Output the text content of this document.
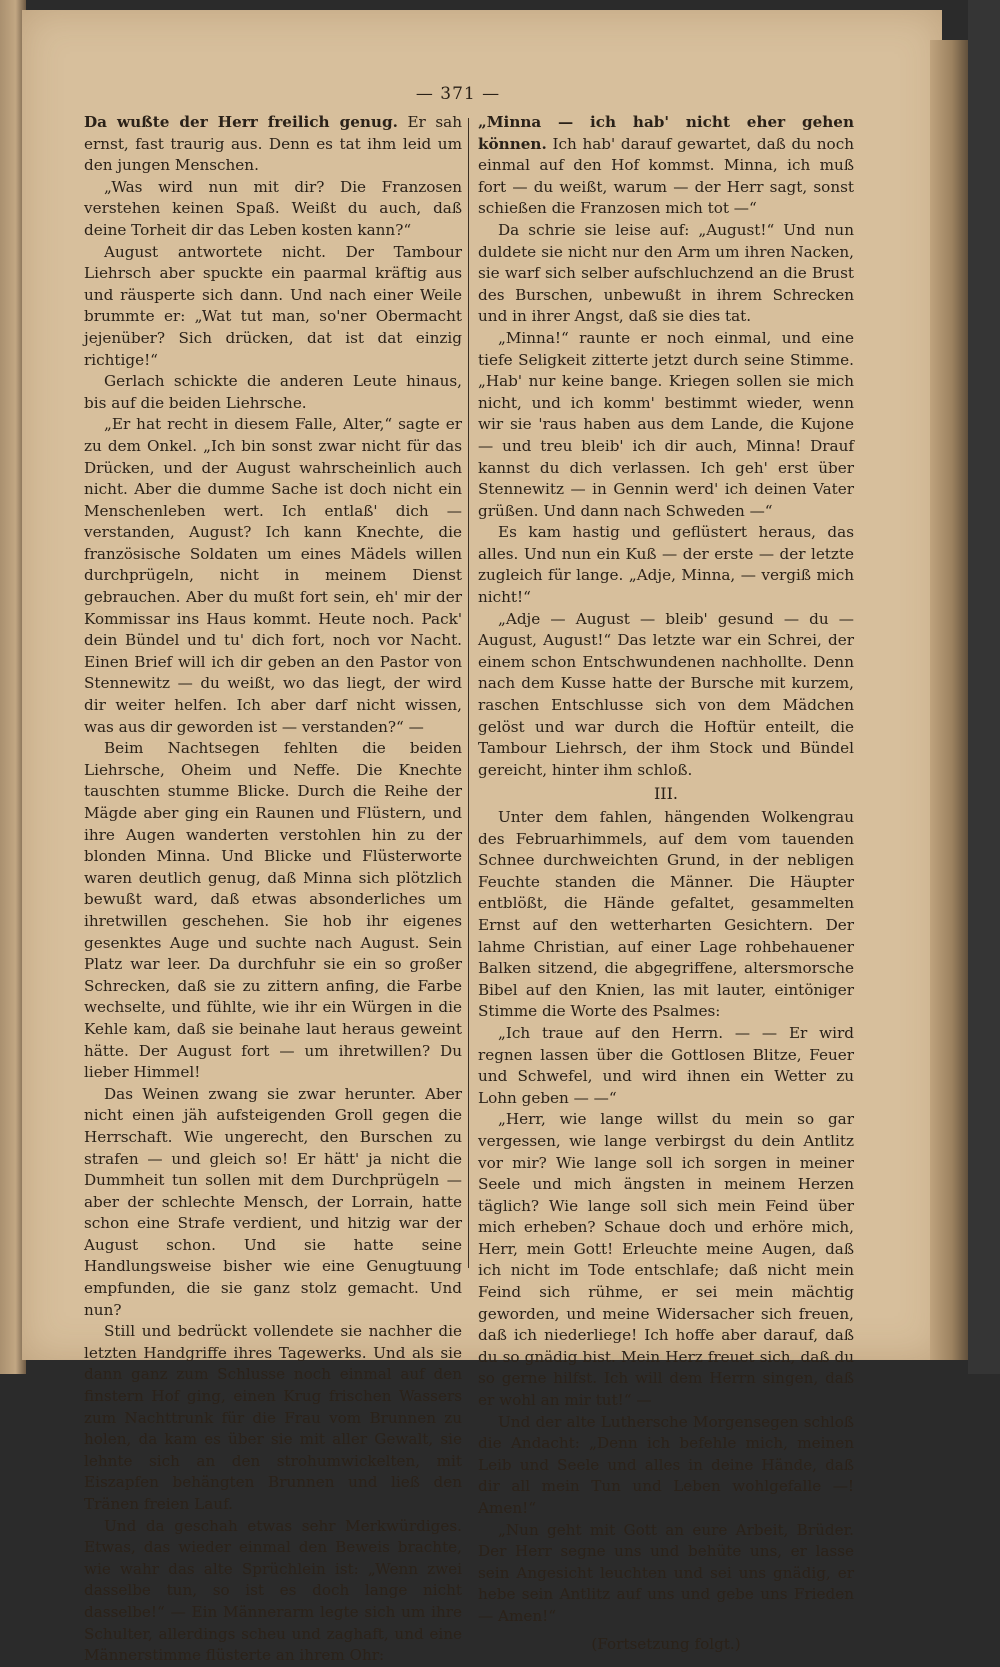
— 371 —

Da wußte der Herr freilich genug. Er sah ernst, fast traurig aus. Denn es tat ihm leid um den jungen Menschen.

„Was wird nun mit dir? Die Franzosen verstehen keinen Spaß. Weißt du auch, daß deine Torheit dir das Leben kosten kann?“

August antwortete nicht. Der Tambour Liehrsch aber spuckte ein paarmal kräftig aus und räusperte sich dann. Und nach einer Weile brummte er: „Wat tut man, so'ner Obermacht jejenüber? Sich drücken, dat ist dat einzig richtige!“

Gerlach schickte die anderen Leute hinaus, bis auf die beiden Liehrsche.

„Er hat recht in diesem Falle, Alter,“ sagte er zu dem Onkel. „Ich bin sonst zwar nicht für das Drücken, und der August wahrscheinlich auch nicht. Aber die dumme Sache ist doch nicht ein Menschenleben wert. Ich entlaß' dich — verstanden, August? Ich kann Knechte, die französische Soldaten um eines Mädels willen durchprügeln, nicht in meinem Dienst gebrauchen. Aber du mußt fort sein, eh' mir der Kommissar ins Haus kommt. Heute noch. Pack' dein Bündel und tu' dich fort, noch vor Nacht. Einen Brief will ich dir geben an den Pastor von Stennewitz — du weißt, wo das liegt, der wird dir weiter helfen. Ich aber darf nicht wissen, was aus dir geworden ist — verstanden?“ —

Beim Nachtsegen fehlten die beiden Liehrsche, Oheim und Neffe. Die Knechte tauschten stumme Blicke. Durch die Reihe der Mägde aber ging ein Raunen und Flüstern, und ihre Augen wanderten verstohlen hin zu der blonden Minna. Und Blicke und Flüsterworte waren deutlich genug, daß Minna sich plötzlich bewußt ward, daß etwas absonderliches um ihretwillen geschehen. Sie hob ihr eigenes gesenktes Auge und suchte nach August. Sein Platz war leer. Da durchfuhr sie ein so großer Schrecken, daß sie zu zittern anfing, die Farbe wechselte, und fühlte, wie ihr ein Würgen in die Kehle kam, daß sie beinahe laut heraus geweint hätte. Der August fort — um ihretwillen? Du lieber Himmel!

Das Weinen zwang sie zwar herunter. Aber nicht einen jäh aufsteigenden Groll gegen die Herrschaft. Wie ungerecht, den Burschen zu strafen — und gleich so! Er hätt' ja nicht die Dummheit tun sollen mit dem Durchprügeln — aber der schlechte Mensch, der Lorrain, hatte schon eine Strafe verdient, und hitzig war der August schon. Und sie hatte seine Handlungsweise bisher wie eine Genugtuung empfunden, die sie ganz stolz gemacht. Und nun?

Still und bedrückt vollendete sie nachher die letzten Handgriffe ihres Tagewerks. Und als sie dann ganz zum Schlusse noch einmal auf den finstern Hof ging, einen Krug frischen Wassers zum Nachttrunk für die Frau vom Brunnen zu holen, da kam es über sie mit aller Gewalt, sie lehnte sich an den strohumwickelten, mit Eiszapfen behängten Brunnen und ließ den Tränen freien Lauf.

Und da geschah etwas sehr Merkwürdiges. Etwas, das wieder einmal den Beweis brachte, wie wahr das alte Sprüchlein ist: „Wenn zwei dasselbe tun, so ist es doch lange nicht dasselbe!“ — Ein Männerarm legte sich um ihre Schulter, allerdings scheu und zaghaft, und eine Männerstimme flüsterte an ihrem Ohr:

„Minna — ich hab' nicht eher gehen können. Ich hab' darauf gewartet, daß du noch einmal auf den Hof kommst. Minna, ich muß fort — du weißt, warum — der Herr sagt, sonst schießen die Franzosen mich tot —“

Da schrie sie leise auf: „August!“ Und nun duldete sie nicht nur den Arm um ihren Nacken, sie warf sich selber aufschluchzend an die Brust des Burschen, unbewußt in ihrem Schrecken und in ihrer Angst, daß sie dies tat.

„Minna!“ raunte er noch einmal, und eine tiefe Seligkeit zitterte jetzt durch seine Stimme. „Hab' nur keine bange. Kriegen sollen sie mich nicht, und ich komm' bestimmt wieder, wenn wir sie 'raus haben aus dem Lande, die Kujone — und treu bleib' ich dir auch, Minna! Drauf kannst du dich verlassen. Ich geh' erst über Stennewitz — in Gennin werd' ich deinen Vater grüßen. Und dann nach Schweden —“

Es kam hastig und geflüstert heraus, das alles. Und nun ein Kuß — der erste — der letzte zugleich für lange. „Adje, Minna, — vergiß mich nicht!“

„Adje — August — bleib' gesund — du — August, August!“ Das letzte war ein Schrei, der einem schon Entschwundenen nachhollte. Denn nach dem Kusse hatte der Bursche mit kurzem, raschen Entschlusse sich von dem Mädchen gelöst und war durch die Hoftür enteilt, die Tambour Liehrsch, der ihm Stock und Bündel gereicht, hinter ihm schloß.

III.

Unter dem fahlen, hängenden Wolkengrau des Februarhimmels, auf dem vom tauenden Schnee durchweichten Grund, in der nebligen Feuchte standen die Männer. Die Häupter entblößt, die Hände gefaltet, gesammelten Ernst auf den wetterharten Gesichtern. Der lahme Christian, auf einer Lage rohbehauener Balken sitzend, die abgegriffene, altersmorsche Bibel auf den Knien, las mit lauter, eintöniger Stimme die Worte des Psalmes:

„Ich traue auf den Herrn. — — Er wird regnen lassen über die Gottlosen Blitze, Feuer und Schwefel, und wird ihnen ein Wetter zu Lohn geben — —“

„Herr, wie lange willst du mein so gar vergessen, wie lange verbirgst du dein Antlitz vor mir? Wie lange soll ich sorgen in meiner Seele und mich ängsten in meinem Herzen täglich? Wie lange soll sich mein Feind über mich erheben? Schaue doch und erhöre mich, Herr, mein Gott! Erleuchte meine Augen, daß ich nicht im Tode entschlafe; daß nicht mein Feind sich rühme, er sei mein mächtig geworden, und meine Widersacher sich freuen, daß ich niederliege! Ich hoffe aber darauf, daß du so gnädig bist. Mein Herz freuet sich, daß du so gerne hilfst. Ich will dem Herrn singen, daß er wohl an mir tut!“ —

Und der alte Luthersche Morgensegen schloß die Andacht: „Denn ich befehle mich, meinen Leib und Seele und alles in deine Hände, daß dir all mein Tun und Leben wohlgefalle —! Amen!“

„Nun geht mit Gott an eure Arbeit, Brüder. Der Herr segne uns und behüte uns, er lasse sein Angesicht leuchten und sei uns gnädig, er hebe sein Antlitz auf uns und gebe uns Frieden — Amen!“

(Fortsetzung folgt.)
